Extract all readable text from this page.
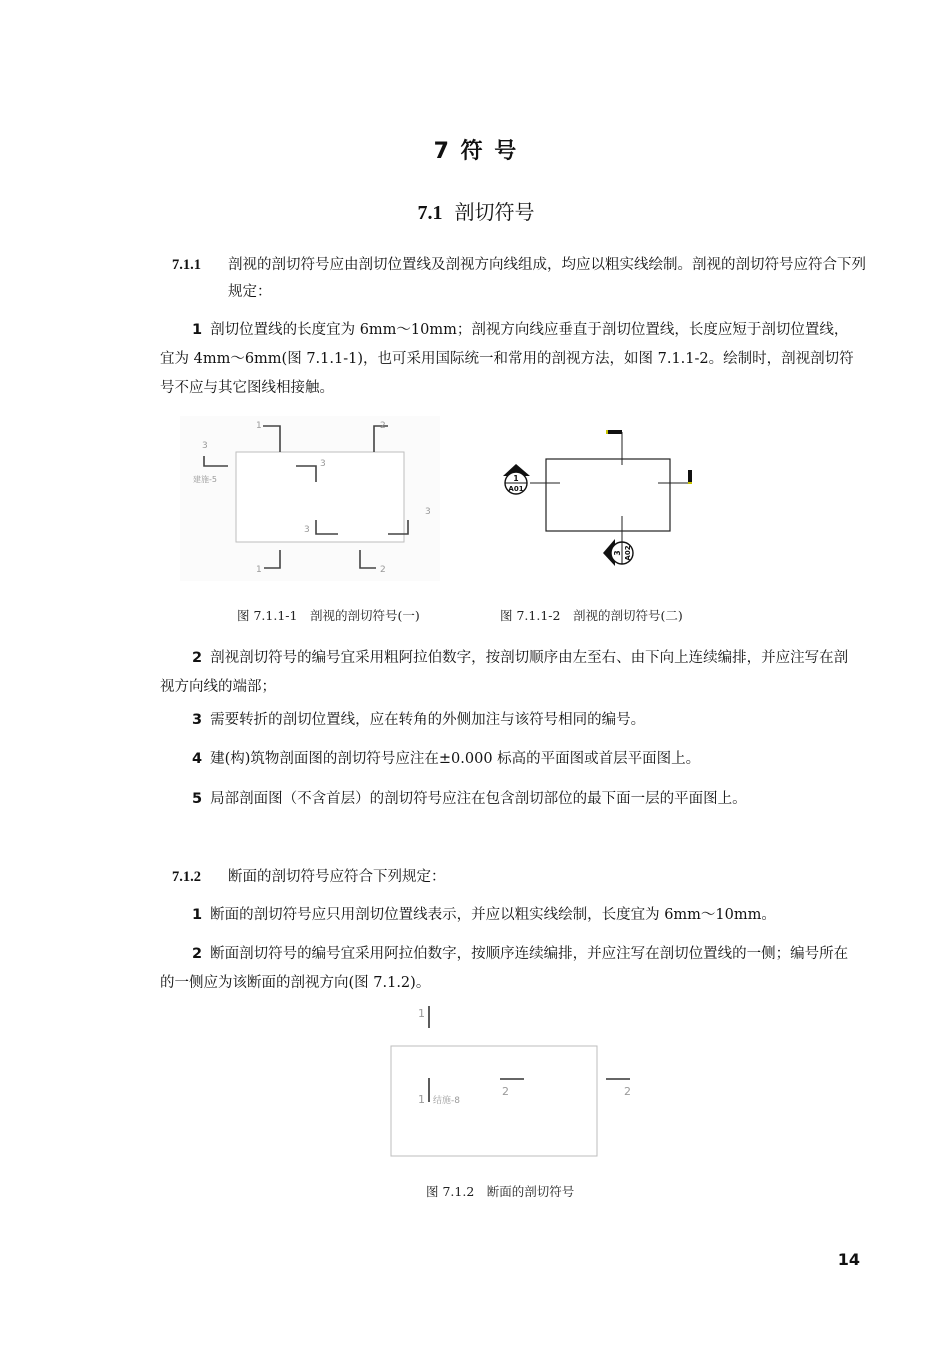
7 符 号
7.1 剖切符号
7.1.1 剖视的剖切符号应由剖切位置线及剖视方向线组成，均应以粗实线绘制。剖视的剖切符号应符合下列规定：
1 剖切位置线的长度宜为 6mm～10mm；剖视方向线应垂直于剖切位置线，长度应短于剖切位置线，宜为 4mm～6mm(图 7.1.1-1)，也可采用国际统一和常用的剖视方法，如图 7.1.1-2。绘制时，剖视剖切符号不应与其它图线相接触。
1	2
3
3
建施-5
3
3
1	2
1
A01
3 A02
图 7.1.1-1　剖视的剖切符号(一)	图 7.1.1-2　剖视的剖切符号(二)
2 剖视剖切符号的编号宜采用粗阿拉伯数字，按剖切顺序由左至右、由下向上连续编排，并应注写在剖视方向线的端部；
3 需要转折的剖切位置线，应在转角的外侧加注与该符号相同的编号。
4 建(构)筑物剖面图的剖切符号应注在±0.000 标高的平面图或首层平面图上。
5 局部剖面图（不含首层）的剖切符号应注在包含剖切部位的最下面一层的平面图上。
7.1.2 断面的剖切符号应符合下列规定：
1 断面的剖切符号应只用剖切位置线表示，并应以粗实线绘制，长度宜为 6mm～10mm。
2 断面剖切符号的编号宜采用阿拉伯数字，按顺序连续编排，并应注写在剖切位置线的一侧；编号所在的一侧应为该断面的剖视方向(图 7.1.2)。
1
1 结施-8
2	2
图 7.1.2　断面的剖切符号
14
